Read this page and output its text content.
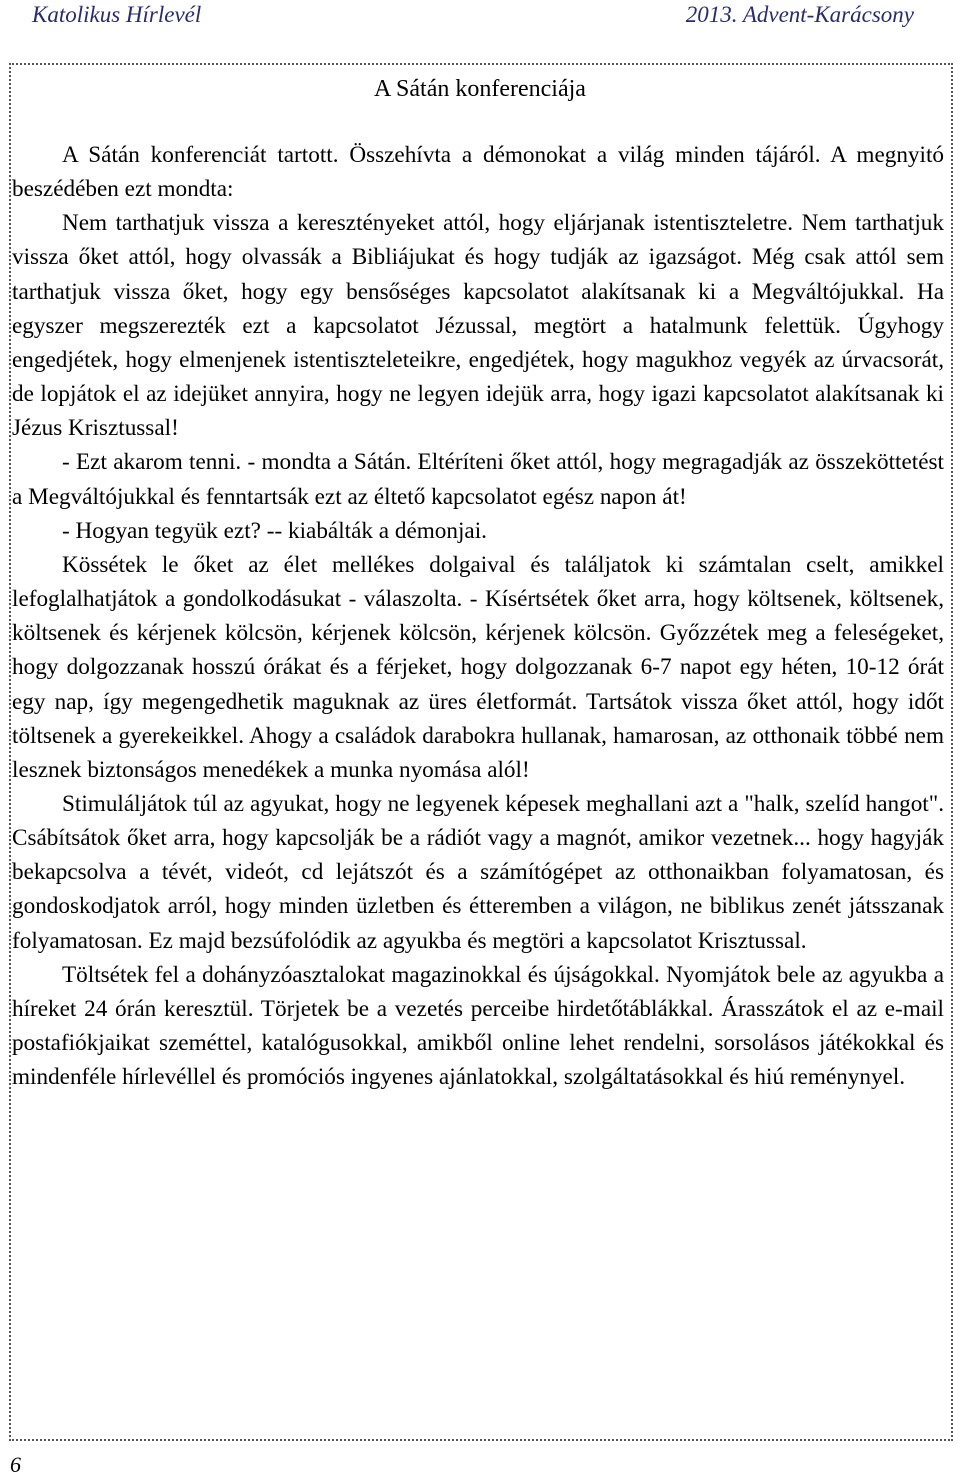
Katolikus Hírlevél	2013. Advent-Karácsony
A Sátán konferenciája

A Sátán konferenciát tartott. Összehívta a démonokat a világ minden tájáról. A megnyitó beszédében ezt mondta:

Nem tarthatjuk vissza a keresztényeket attól, hogy eljárjanak istentiszteletre. Nem tarthatjuk vissza őket attól, hogy olvassák a Bibliájukat és hogy tudják az igazságot. Még csak attól sem tarthatjuk vissza őket, hogy egy bensőséges kapcsolatot alakítsanak ki a Megváltójukkal. Ha egyszer megszerezték ezt a kapcsolatot Jézussal, megtört a hatalmunk felettük. Úgyhogy engedjétek, hogy elmenjenek istentiszteleteikre, engedjétek, hogy magukhoz vegyék az úrvacsorát, de lopjátok el az idejüket annyira, hogy ne legyen idejük arra, hogy igazi kapcsolatot alakítsanak ki Jézus Krisztussal!

- Ezt akarom tenni. - mondta a Sátán. Eltéríteni őket attól, hogy megragadják az összeköttetést a Megváltójukkal és fenntartsák ezt az éltető kapcsolatot egész napon át!

- Hogyan tegyük ezt? -- kiabálták a démonjai.

Kössétek le őket az élet mellékes dolgaival és találjatok ki számtalan cselt, amikkel lefoglalhatjátok a gondolkodásukat - válaszolta. - Kísértsétek őket arra, hogy költsenek, költsenek, költsenek és kérjenek kölcsön, kérjenek kölcsön, kérjenek kölcsön. Győzzétek meg a feleségeket, hogy dolgozzanak hosszú órákat és a férjeket, hogy dolgozzanak 6-7 napot egy héten, 10-12 órát egy nap, így megengedhetik maguknak az üres életformát. Tartsátok vissza őket attól, hogy időt töltsenek a gyerekeikkel. Ahogy a családok darabokra hullanak, hamarosan, az otthonaik többé nem lesznek biztonságos menedékek a munka nyomása alól!

Stimuláljátok túl az agyukat, hogy ne legyenek képesek meghallani azt a "halk, szelíd hangot". Csábítsátok őket arra, hogy kapcsolják be a rádiót vagy a magnót, amikor vezetnek... hogy hagyják bekapcsolva a tévét, videót, cd lejátszót és a számítógépet az otthonaikban folyamatosan, és gondoskodjatok arról, hogy minden üzletben és étteremben a világon, ne biblikus zenét játsszanak folyamatosan. Ez majd bezsúfolódik az agyukba és megtöri a kapcsolatot Krisztussal.

Töltsétek fel a dohányzóasztalokat magazinokkal és újságokkal. Nyomjátok bele az agyukba a híreket 24 órán keresztül. Törjetek be a vezetés perceibe hirdetőtáblákkal. Árasszátok el az e-mail postafiókjaikat szeméttel, katalógusokkal, amikből online lehet rendelni, sorsolásos játékokkal és mindenféle hírlevéllel és promóciós ingyenes ajánlatokkal, szolgáltatásokkal és hiú reménynyel.

6
